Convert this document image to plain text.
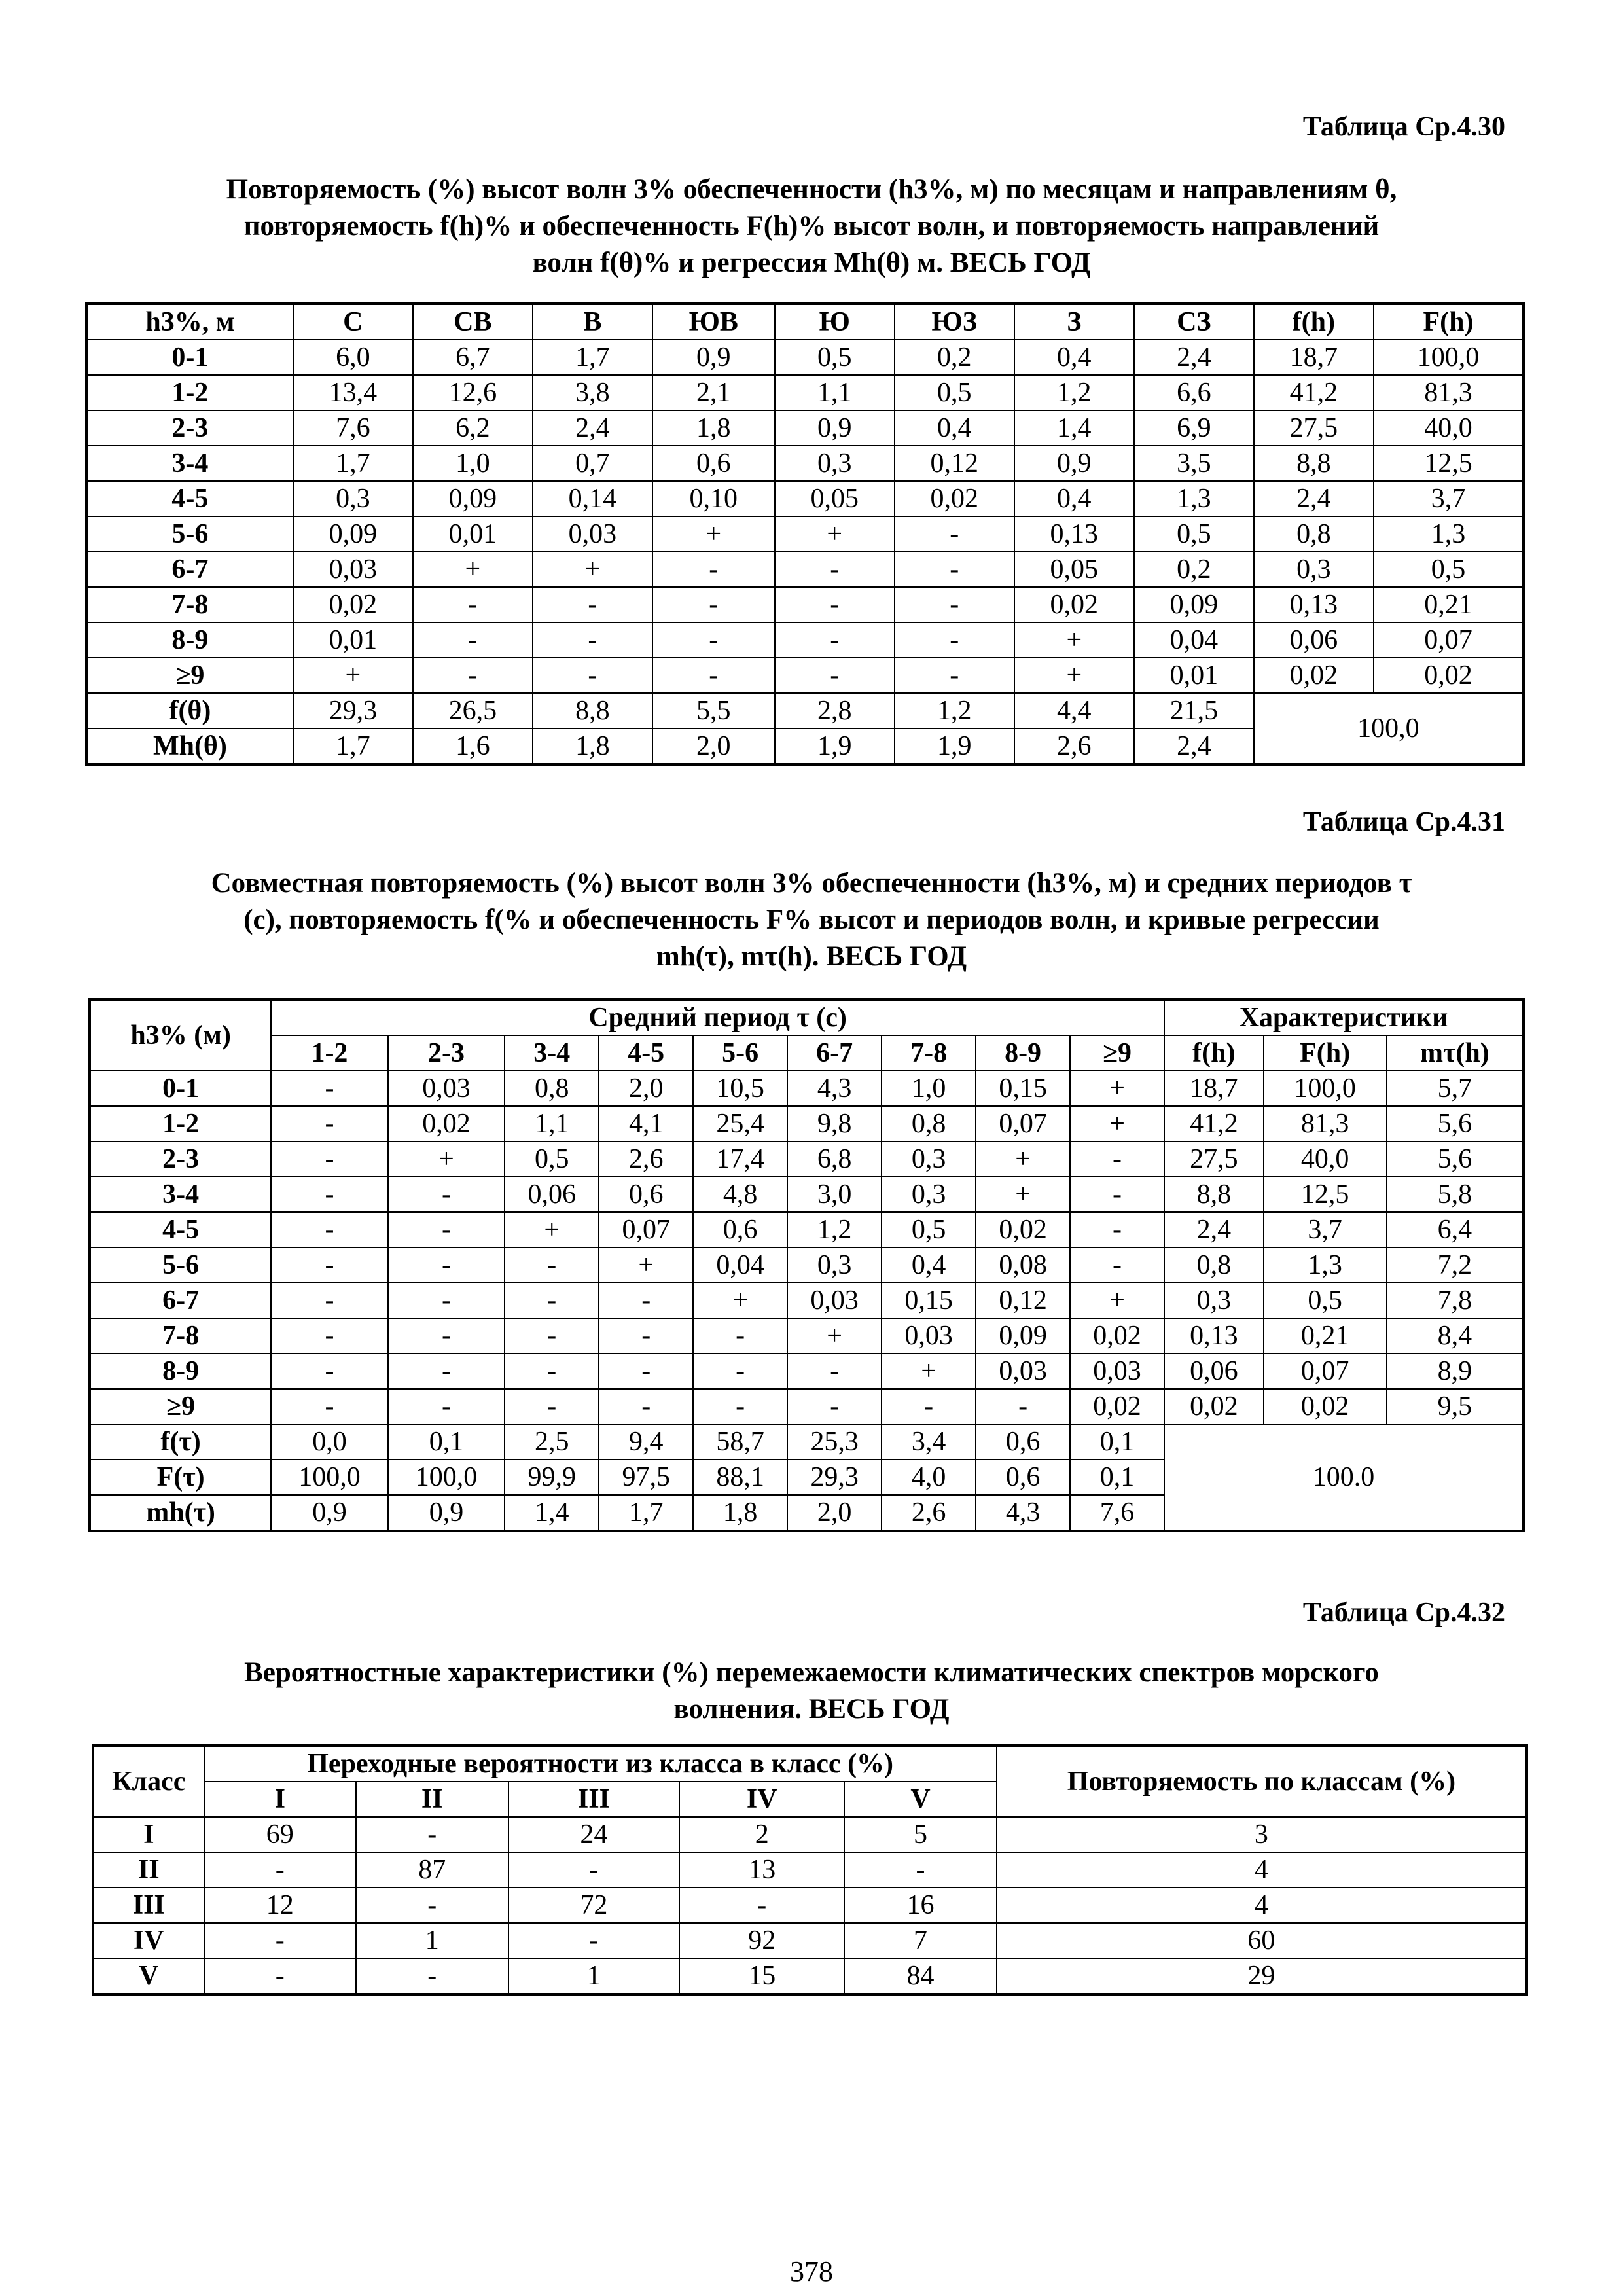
Таблица Ср.4.30
Повторяемость (%) высот волн 3% обеспеченности (h3%, м) по месяцам и направлениям θ,
повторяемость f(h)% и обеспеченность F(h)% высот волн, и повторяемость направлений
волн f(θ)% и регрессия Mh(θ) м. ВЕСЬ ГОД
h3%, м	С	СВ	В	ЮВ	Ю	ЮЗ	З	СЗ	f(h)	F(h)
0-1	6,0	6,7	1,7	0,9	0,5	0,2	0,4	2,4	18,7	100,0
1-2	13,4	12,6	3,8	2,1	1,1	0,5	1,2	6,6	41,2	81,3
2-3	7,6	6,2	2,4	1,8	0,9	0,4	1,4	6,9	27,5	40,0
3-4	1,7	1,0	0,7	0,6	0,3	0,12	0,9	3,5	8,8	12,5
4-5	0,3	0,09	0,14	0,10	0,05	0,02	0,4	1,3	2,4	3,7
5-6	0,09	0,01	0,03	+	+	-	0,13	0,5	0,8	1,3
6-7	0,03	+	+	-	-	-	0,05	0,2	0,3	0,5
7-8	0,02	-	-	-	-	-	0,02	0,09	0,13	0,21
8-9	0,01	-	-	-	-	-	+	0,04	0,06	0,07
≥9	+	-	-	-	-	-	+	0,01	0,02	0,02
f(θ)	29,3	26,5	8,8	5,5	2,8	1,2	4,4	21,5	100,0	
Mh(θ)	1,7	1,6	1,8	2,0	1,9	1,9	2,6	2,4		
Таблица Ср.4.31
Совместная повторяемость (%) высот волн 3% обеспеченности (h3%, м) и средних периодов τ
(с), повторяемость f(% и обеспеченность F% высот и периодов волн, и кривые регрессии
mh(τ), mτ(h). ВЕСЬ ГОД
h3% (м)	Средний период τ (с)									Характеристики		
	1-2	2-3	3-4	4-5	5-6	6-7	7-8	8-9	≥9	f(h)	F(h)	mτ(h)
0-1	-	0,03	0,8	2,0	10,5	4,3	1,0	0,15	+	18,7	100,0	5,7
1-2	-	0,02	1,1	4,1	25,4	9,8	0,8	0,07	+	41,2	81,3	5,6
2-3	-	+	0,5	2,6	17,4	6,8	0,3	+	-	27,5	40,0	5,6
3-4	-	-	0,06	0,6	4,8	3,0	0,3	+	-	8,8	12,5	5,8
4-5	-	-	+	0,07	0,6	1,2	0,5	0,02	-	2,4	3,7	6,4
5-6	-	-	-	+	0,04	0,3	0,4	0,08	-	0,8	1,3	7,2
6-7	-	-	-	-	+	0,03	0,15	0,12	+	0,3	0,5	7,8
7-8	-	-	-	-	-	+	0,03	0,09	0,02	0,13	0,21	8,4
8-9	-	-	-	-	-	-	+	0,03	0,03	0,06	0,07	8,9
≥9	-	-	-	-	-	-	-	-	0,02	0,02	0,02	9,5
f(τ)	0,0	0,1	2,5	9,4	58,7	25,3	3,4	0,6	0,1	100.0		
F(τ)	100,0	100,0	99,9	97,5	88,1	29,3	4,0	0,6	0,1			
mh(τ)	0,9	0,9	1,4	1,7	1,8	2,0	2,6	4,3	7,6			
Таблица Ср.4.32
Вероятностные характеристики (%) перемежаемости климатических спектров морского
волнения. ВЕСЬ ГОД
Класс	Переходные вероятности из класса в класс (%)					Повторяемость по классам (%)
	I	II	III	IV	V	
I	69	-	24	2	5	3
II	-	87	-	13	-	4
III	12	-	72	-	16	4
IV	-	1	-	92	7	60
V	-	-	1	15	84	29
378
